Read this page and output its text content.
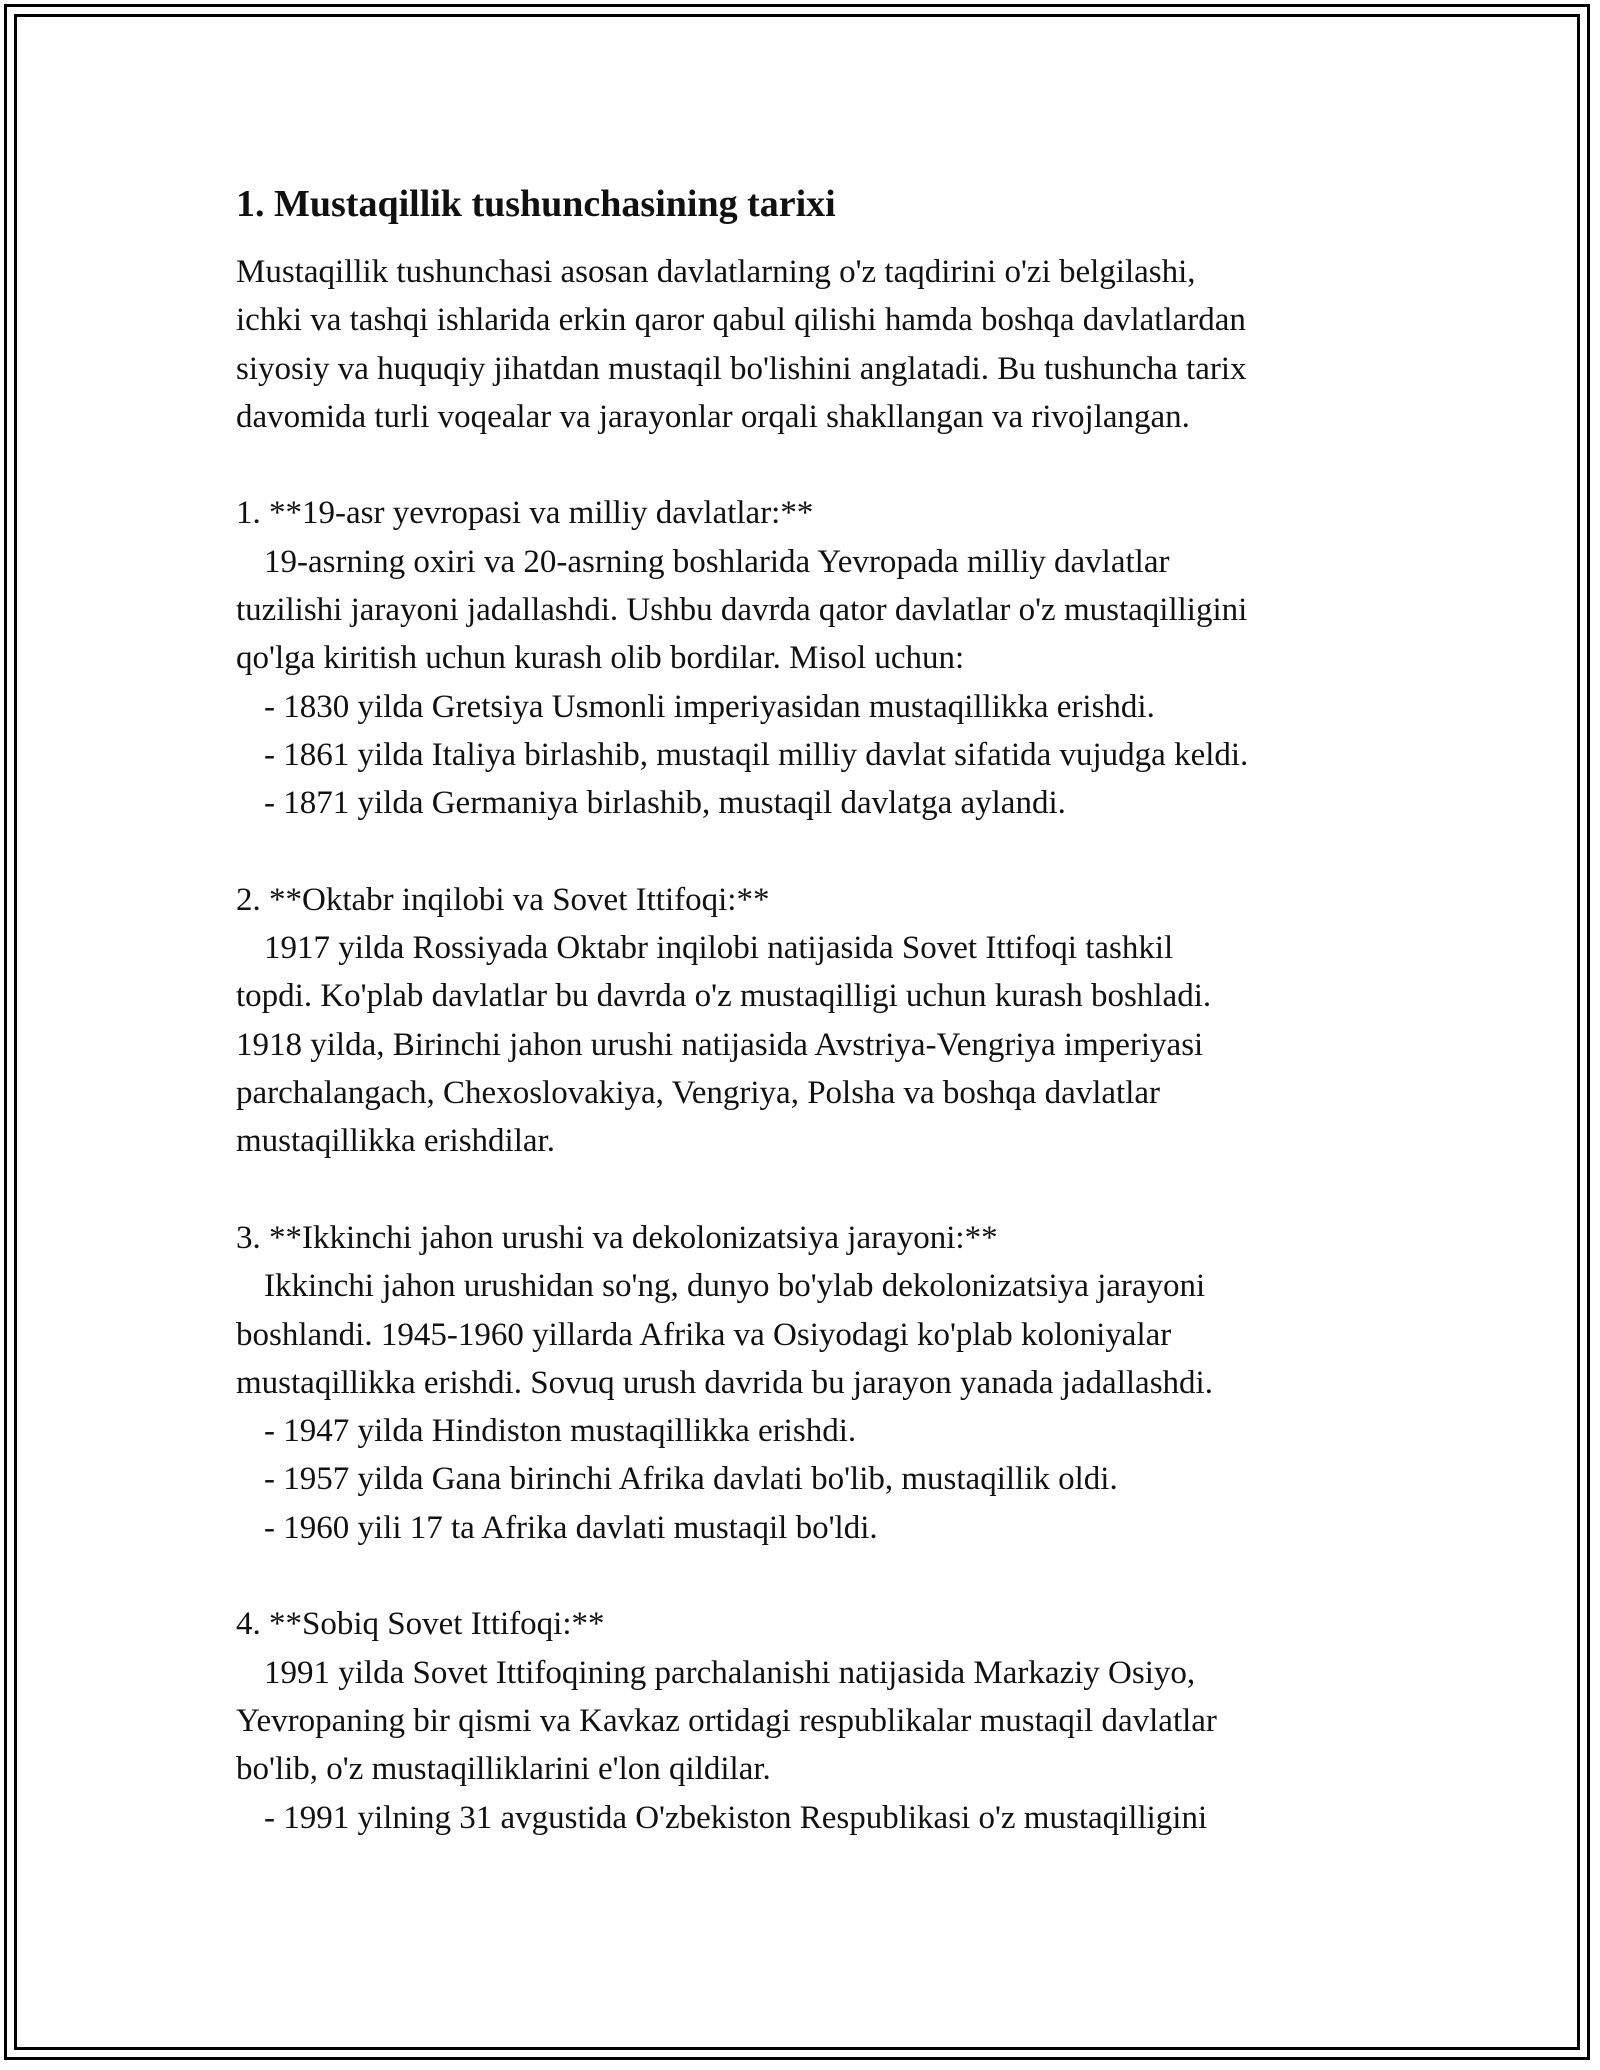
1. Mustaqillik tushunchasining tarixi
Mustaqillik tushunchasi asosan davlatlarning o'z taqdirini o'zi belgilashi,
ichki va tashqi ishlarida erkin qaror qabul qilishi hamda boshqa davlatlardan
siyosiy va huquqiy jihatdan mustaqil bo'lishini anglatadi. Bu tushuncha tarix
davomida turli voqealar va jarayonlar orqali shakllangan va rivojlangan.
1. **19-asr yevropasi va milliy davlatlar:**
19-asrning oxiri va 20-asrning boshlarida Yevropada milliy davlatlar
tuzilishi jarayoni jadallashdi. Ushbu davrda qator davlatlar o'z mustaqilligini
qo'lga kiritish uchun kurash olib bordilar. Misol uchun:
- 1830 yilda Gretsiya Usmonli imperiyasidan mustaqillikka erishdi.
- 1861 yilda Italiya birlashib, mustaqil milliy davlat sifatida vujudga keldi.
- 1871 yilda Germaniya birlashib, mustaqil davlatga aylandi.
2. **Oktabr inqilobi va Sovet Ittifoqi:**
1917 yilda Rossiyada Oktabr inqilobi natijasida Sovet Ittifoqi tashkil
topdi. Ko'plab davlatlar bu davrda o'z mustaqilligi uchun kurash boshladi.
1918 yilda, Birinchi jahon urushi natijasida Avstriya-Vengriya imperiyasi
parchalangach, Chexoslovakiya, Vengriya, Polsha va boshqa davlatlar
mustaqillikka erishdilar.
3. **Ikkinchi jahon urushi va dekolonizatsiya jarayoni:**
Ikkinchi jahon urushidan so'ng, dunyo bo'ylab dekolonizatsiya jarayoni
boshlandi. 1945-1960 yillarda Afrika va Osiyodagi ko'plab koloniyalar
mustaqillikka erishdi. Sovuq urush davrida bu jarayon yanada jadallashdi.
- 1947 yilda Hindiston mustaqillikka erishdi.
- 1957 yilda Gana birinchi Afrika davlati bo'lib, mustaqillik oldi.
- 1960 yili 17 ta Afrika davlati mustaqil bo'ldi.
4. **Sobiq Sovet Ittifoqi:**
1991 yilda Sovet Ittifoqining parchalanishi natijasida Markaziy Osiyo,
Yevropaning bir qismi va Kavkaz ortidagi respublikalar mustaqil davlatlar
bo'lib, o'z mustaqilliklarini e'lon qildilar.
- 1991 yilning 31 avgustida O'zbekiston Respublikasi o'z mustaqilligini
